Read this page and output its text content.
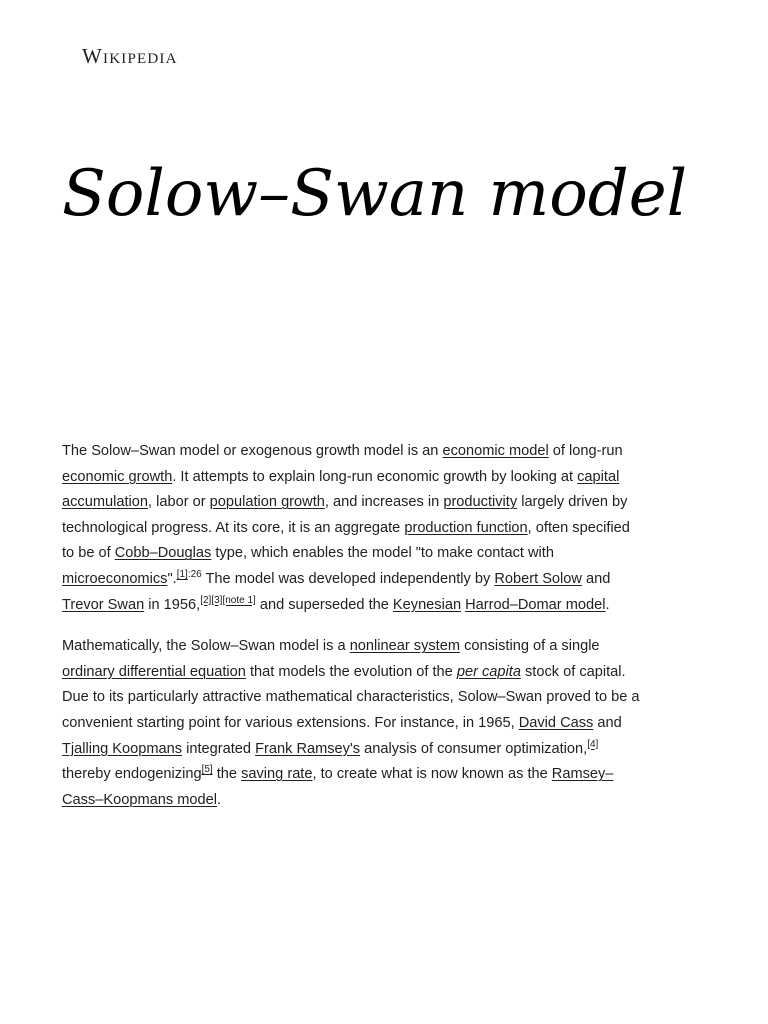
Wikipedia
Solow–Swan model

The Solow–Swan model or exogenous growth model is an economic model of long-run economic growth. It attempts to explain long-run economic growth by looking at capital accumulation, labor or population growth, and increases in productivity largely driven by technological progress. At its core, it is an aggregate production function, often specified to be of Cobb–Douglas type, which enables the model "to make contact with microeconomics".$^{[1]:26}$ The model was developed independently by Robert Solow and Trevor Swan in 1956,[2][3][note 1] and superseded the Keynesian Harrod–Domar model.

Mathematically, the Solow–Swan model is a nonlinear system consisting of a single ordinary differential equation that models the evolution of the per capita stock of capital. Due to its particularly attractive mathematical characteristics, Solow–Swan proved to be a convenient starting point for various extensions. For instance, in 1965, David Cass and Tjalling Koopmans integrated Frank Ramsey's analysis of consumer optimization,[4] thereby endogenizing[5] the saving rate, to create what is now known as the Ramsey–Cass–Koopmans model.
